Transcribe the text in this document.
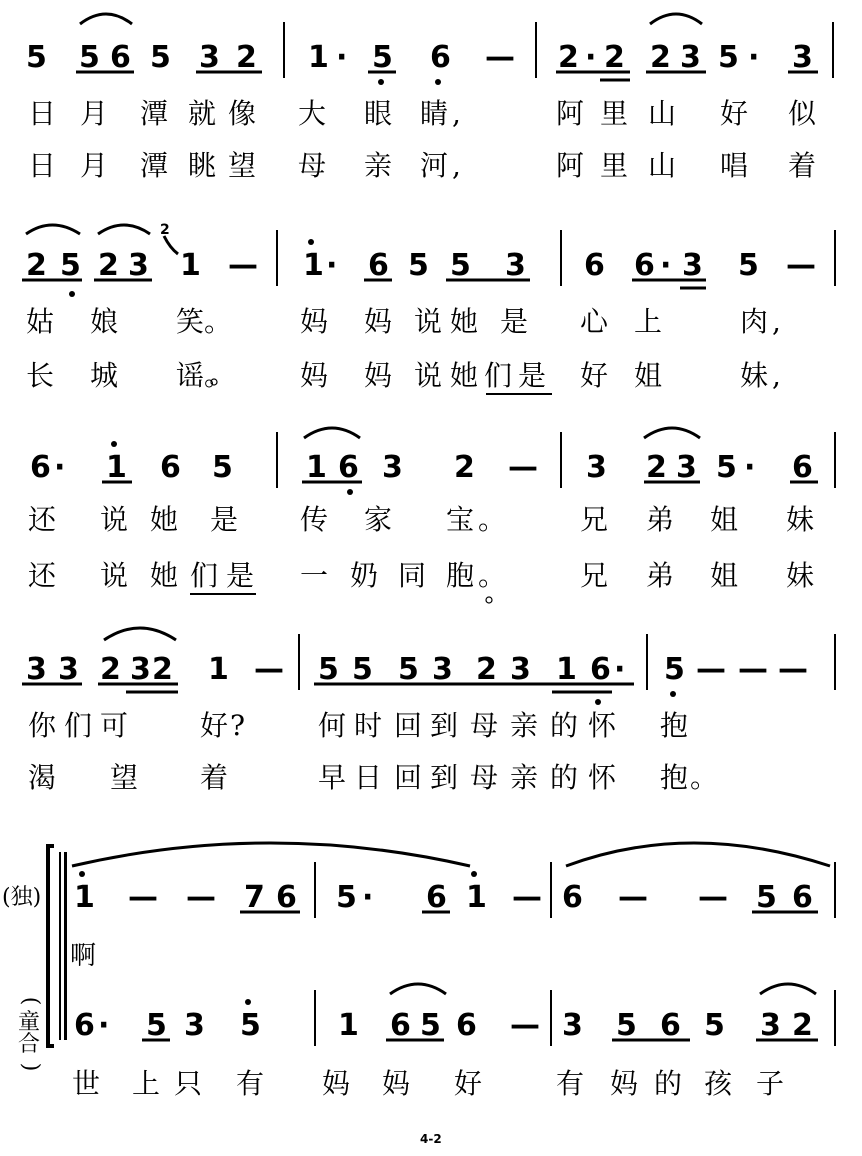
5 5 6 5 3 2 1 · 5 6 — 2 · 2 2 3 5 · 3
日 月 潭 就 像 大 眼 睛 ,	阿 里 山 好 似
日 月 潭 眺 望 母 亲 河 ,	阿 里 山 唱 着
2 5 2 3 1 — 1 · 6 5 5 3 6 6 · 3 5 —
2
姑 娘 笑 。 妈 妈 说 她 是 心 上	肉 ,
长 城 谣 。 妈 妈 说 她 们 是 好 姐	妹 ,
6 · 1 6 5 1 6 3 2 — 3 2 3 5 · 6
还 说 她 是 传 家 宝 。	兄 弟 姐 妹
还 说 她 们 是 一 奶 同 胞 。	兄 弟 姐 妹
3 3 2 3 2 1 — 5 5 5 3 2 3 1 6 · 5 — — —
你 们 可	好 ?	何 时 回 到 母 亲 的 怀 抱
渴 望 着	早 日 回 到 母 亲 的 怀 抱 。
(独)
(
童
合
)
1 — — 7 6 5 · 6 1 — 6 — — 5 6
啊
6 · 5 3 5	1 6 5 6 — 3 5 6 5 3 2
世 上 只 有 妈 妈 好	有 妈 的 孩 子
4-2
5 5 6 5 3 2 │ 1· 5 6 — │ 2·2 2 3 5· 3日月潭就像大眼睛，阿里山好似日月潭眺望母亲河，阿里山唱着 2 5 2 3 ²1 — │ i· 6 5 5 3 │ 6 6·3 5 —姑娘笑。妈妈说她是心上肉，长城谣。妈妈说她们是好姐妹， 6· i 6 5 │ 1 6 3 2 — │ 3 2 3 5· 6还说她是传家宝。兄弟姐妹还说她们是一奶同胞。兄弟姐妹 3 3 2 32 1 — │ 5 5 5 3 2 3 1 6· │ 5 — — —你们可好？何时回到母亲的怀抱渴望着早日回到母亲的怀抱。 (独)(童合) i — — 7 6 │ 5· 6 i — │ 6 — — 5 6啊 6· 5 3 5 │ i 6 5 6 — │ 3 5 6 5 3 2世上只有妈妈好有妈的孩子
